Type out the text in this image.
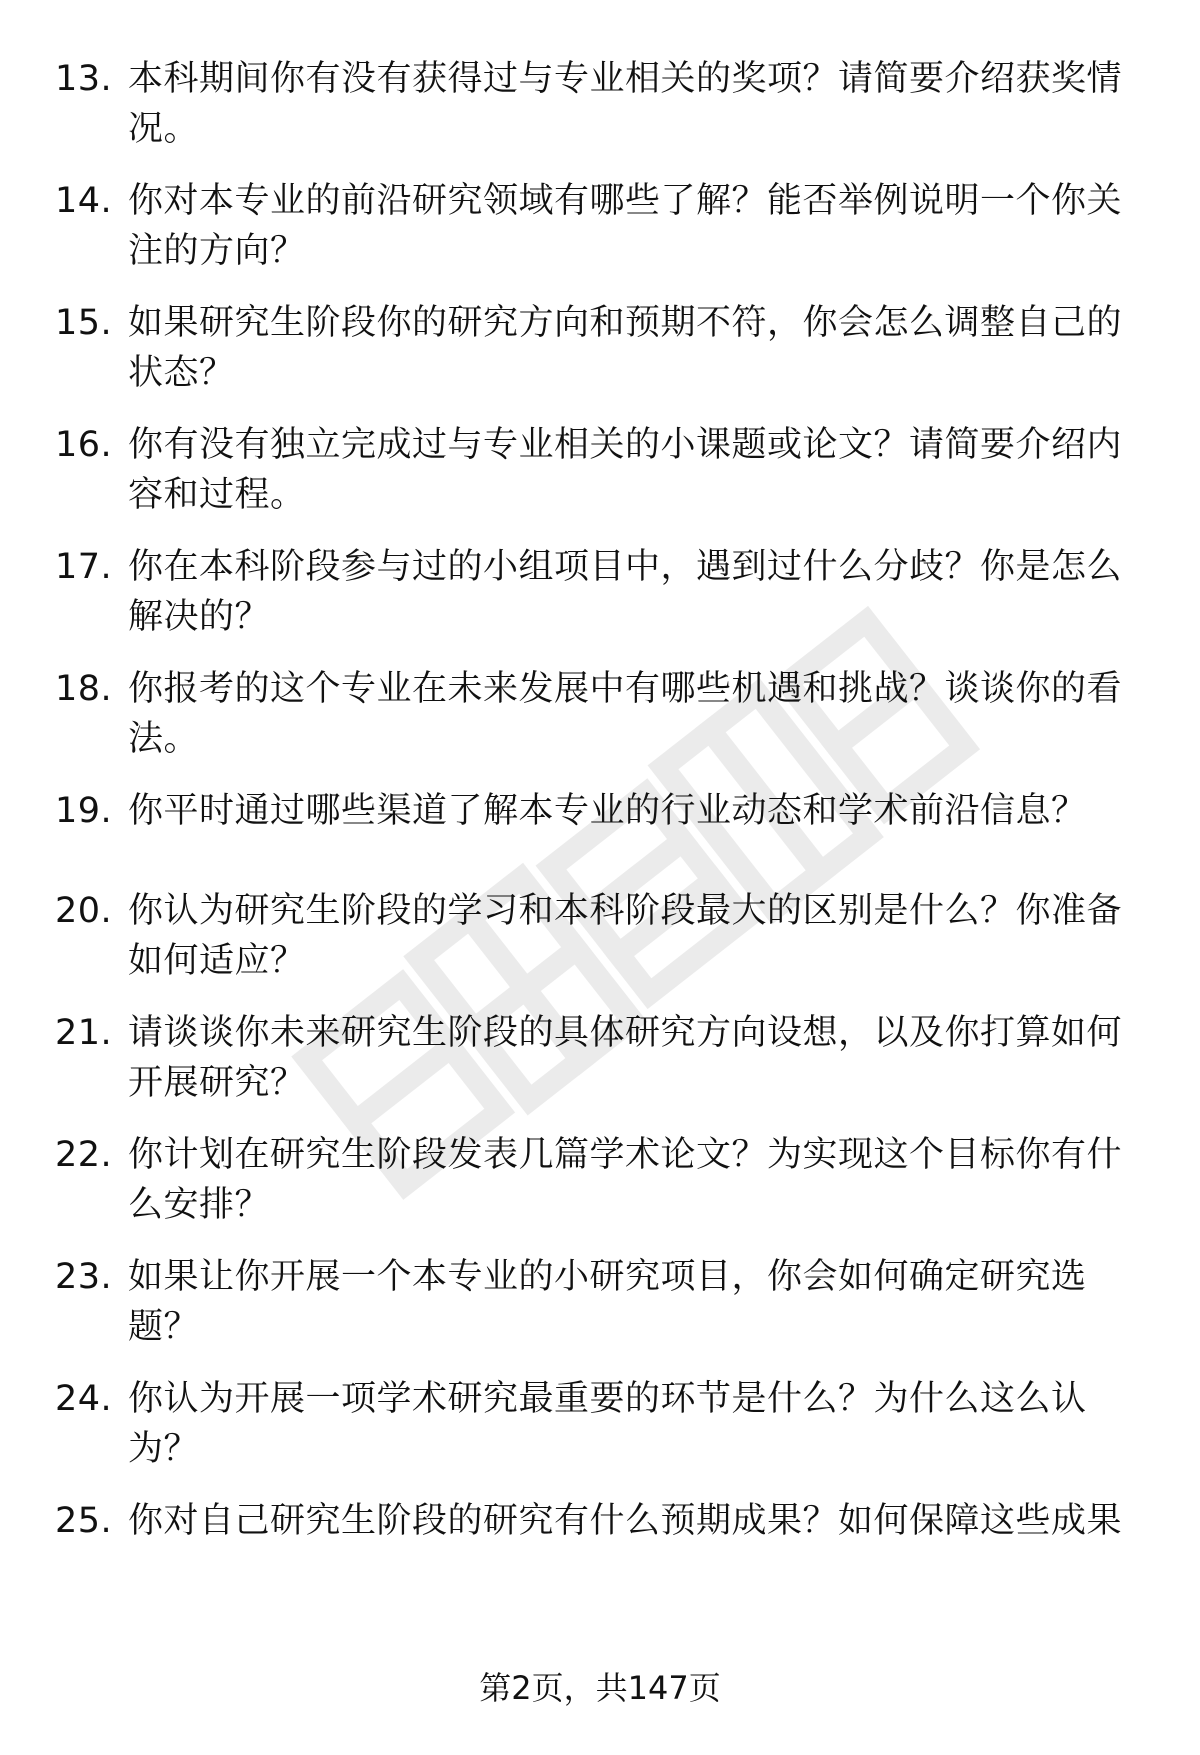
13. 本科期间你有没有获得过与专业相关的奖项？请简要介绍获奖情况。
14. 你对本专业的前沿研究领域有哪些了解？能否举例说明一个你关注的方向？
15. 如果研究生阶段你的研究方向和预期不符，你会怎么调整自己的状态？
16. 你有没有独立完成过与专业相关的小课题或论文？请简要介绍内容和过程。
17. 你在本科阶段参与过的小组项目中，遇到过什么分歧？你是怎么解决的？
18. 你报考的这个专业在未来发展中有哪些机遇和挑战？谈谈你的看法。
19. 你平时通过哪些渠道了解本专业的行业动态和学术前沿信息？
20. 你认为研究生阶段的学习和本科阶段最大的区别是什么？你准备如何适应？
21. 请谈谈你未来研究生阶段的具体研究方向设想，以及你打算如何开展研究？
22. 你计划在研究生阶段发表几篇学术论文？为实现这个目标你有什么安排？
23. 如果让你开展一个本专业的小研究项目，你会如何确定研究选题？
24. 你认为开展一项学术研究最重要的环节是什么？为什么这么认为？
25. 你对自己研究生阶段的研究有什么预期成果？如何保障这些成果
第2页，共147页
